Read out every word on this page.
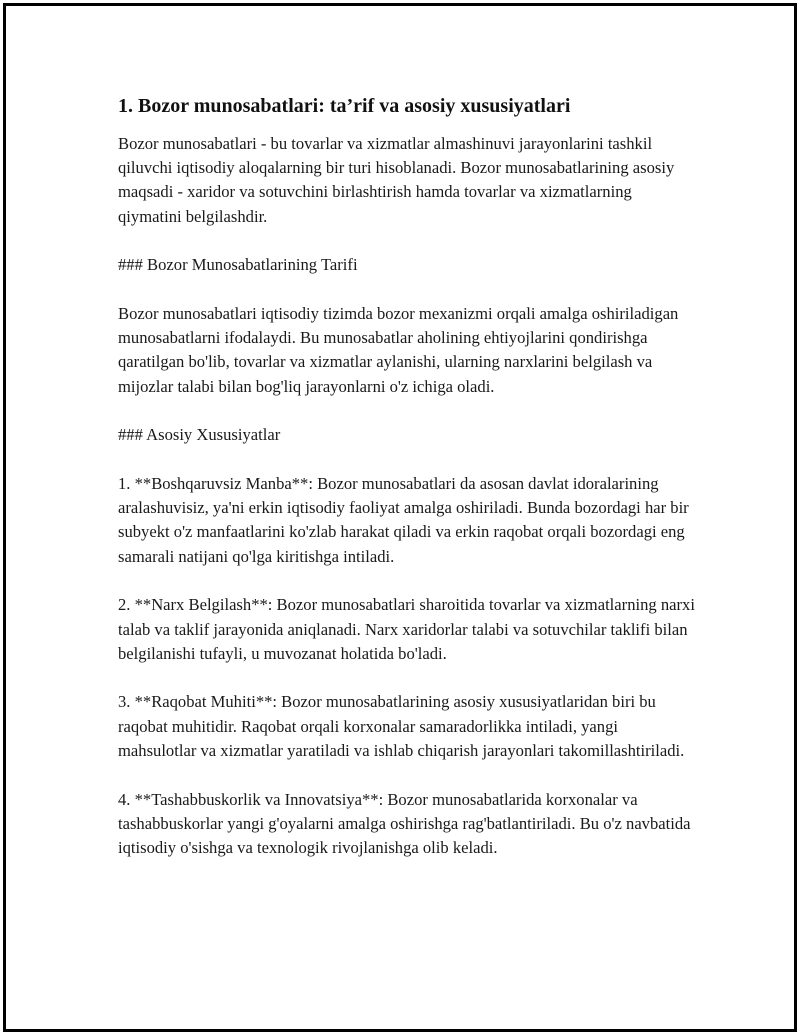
1. Bozor munosabatlari: ta’rif va asosiy xususiyatlari

Bozor munosabatlari - bu tovarlar va xizmatlar almashinuvi jarayonlarini tashkil qiluvchi iqtisodiy aloqalarning bir turi hisoblanadi. Bozor munosabatlarining asosiy maqsadi - xaridor va sotuvchini birlashtirish hamda tovarlar va xizmatlarning qiymatini belgilashdir.

### Bozor Munosabatlarining Tarifi

Bozor munosabatlari iqtisodiy tizimda bozor mexanizmi orqali amalga oshiriladigan munosabatlarni ifodalaydi. Bu munosabatlar aholining ehtiyojlarini qondirishga qaratilgan bo'lib, tovarlar va xizmatlar aylanishi, ularning narxlarini belgilash va mijozlar talabi bilan bog'liq jarayonlarni o'z ichiga oladi.

### Asosiy Xususiyatlar

1. **Boshqaruvsiz Manba**: Bozor munosabatlari da asosan davlat idoralarining aralashuvisiz, ya'ni erkin iqtisodiy faoliyat amalga oshiriladi. Bunda bozordagi har bir subyekt o'z manfaatlarini ko'zlab harakat qiladi va erkin raqobat orqali bozordagi eng samarali natijani qo'lga kiritishga intiladi.

2. **Narx Belgilash**: Bozor munosabatlari sharoitida tovarlar va xizmatlarning narxi talab va taklif jarayonida aniqlanadi. Narx xaridorlar talabi va sotuvchilar taklifi bilan belgilanishi tufayli, u muvozanat holatida bo'ladi.

3. **Raqobat Muhiti**: Bozor munosabatlarining asosiy xususiyatlaridan biri bu raqobat muhitidir. Raqobat orqali korxonalar samaradorlikka intiladi, yangi mahsulotlar va xizmatlar yaratiladi va ishlab chiqarish jarayonlari takomillashtiriladi.

4. **Tashabbuskorlik va Innovatsiya**: Bozor munosabatlarida korxonalar va tashabbuskorlar yangi g'oyalarni amalga oshirishga rag'batlantiriladi. Bu o'z navbatida iqtisodiy o'sishga va texnologik rivojlanishga olib keladi.
